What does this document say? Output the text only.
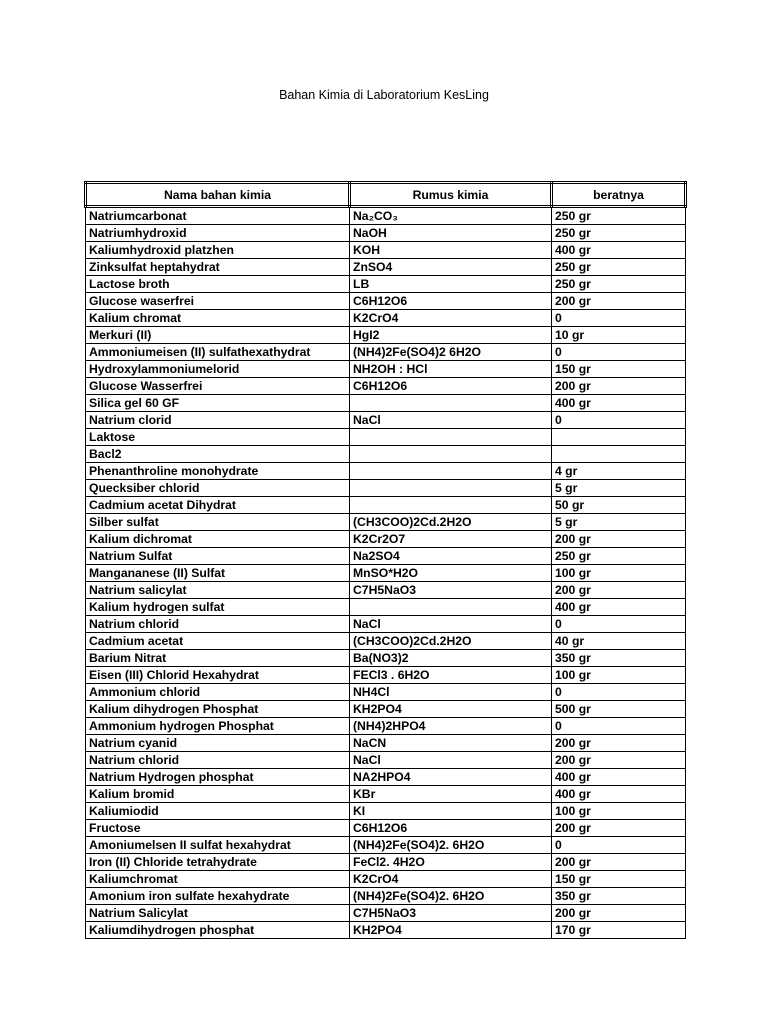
Bahan Kimia di Laboratorium KesLing
Nama bahan kimia	Rumus kimia	beratnya
Natriumcarbonat	Na₂CO₃	250 gr
Natriumhydroxid	NaOH	250 gr
Kaliumhydroxid platzhen	KOH	400 gr
Zinksulfat heptahydrat	ZnSO4	250 gr
Lactose broth	LB	250 gr
Glucose waserfrei	C6H12O6	200 gr
Kalium chromat	K2CrO4	0
Merkuri (II)	HgI2	10 gr
Ammoniumeisen (II) sulfathexathydrat	(NH4)2Fe(SO4)2 6H2O	0
Hydroxylammoniumelorid	NH2OH : HCl	150 gr
Glucose Wasserfrei	C6H12O6	200 gr
Silica gel 60 GF		400 gr
Natrium clorid	NaCl	0
Laktose		
Bacl2		
Phenanthroline monohydrate		4 gr
Quecksiber chlorid		5 gr
Cadmium acetat Dihydrat		50 gr
Silber sulfat	(CH3COO)2Cd.2H2O	5 gr
Kalium dichromat	K2Cr2O7	200 gr
Natrium Sulfat	Na2SO4	250 gr
Mangananese (II) Sulfat	MnSO*H2O	100 gr
Natrium salicylat	C7H5NaO3	200 gr
Kalium hydrogen sulfat		400 gr
Natrium chlorid	NaCl	0
Cadmium acetat	(CH3COO)2Cd.2H2O	40 gr
Barium Nitrat	Ba(NO3)2	350 gr
Eisen (III) Chlorid Hexahydrat	FECl3 . 6H2O	100 gr
Ammonium chlorid	NH4Cl	0
Kalium dihydrogen Phosphat	KH2PO4	500 gr
Ammonium hydrogen Phosphat	(NH4)2HPO4	0
Natrium cyanid	NaCN	200 gr
Natrium chlorid	NaCl	200 gr
Natrium Hydrogen phosphat	NA2HPO4	400 gr
Kalium bromid	KBr	400 gr
Kaliumiodid	KI	100 gr
Fructose	C6H12O6	200 gr
Amoniumelsen II sulfat hexahydrat	(NH4)2Fe(SO4)2. 6H2O	0
Iron (II) Chloride tetrahydrate	FeCl2. 4H2O	200 gr
Kaliumchromat	K2CrO4	150 gr
Amonium iron sulfate hexahydrate	(NH4)2Fe(SO4)2. 6H2O	350 gr
Natrium Salicylat	C7H5NaO3	200 gr
Kaliumdihydrogen phosphat	KH2PO4	170 gr
